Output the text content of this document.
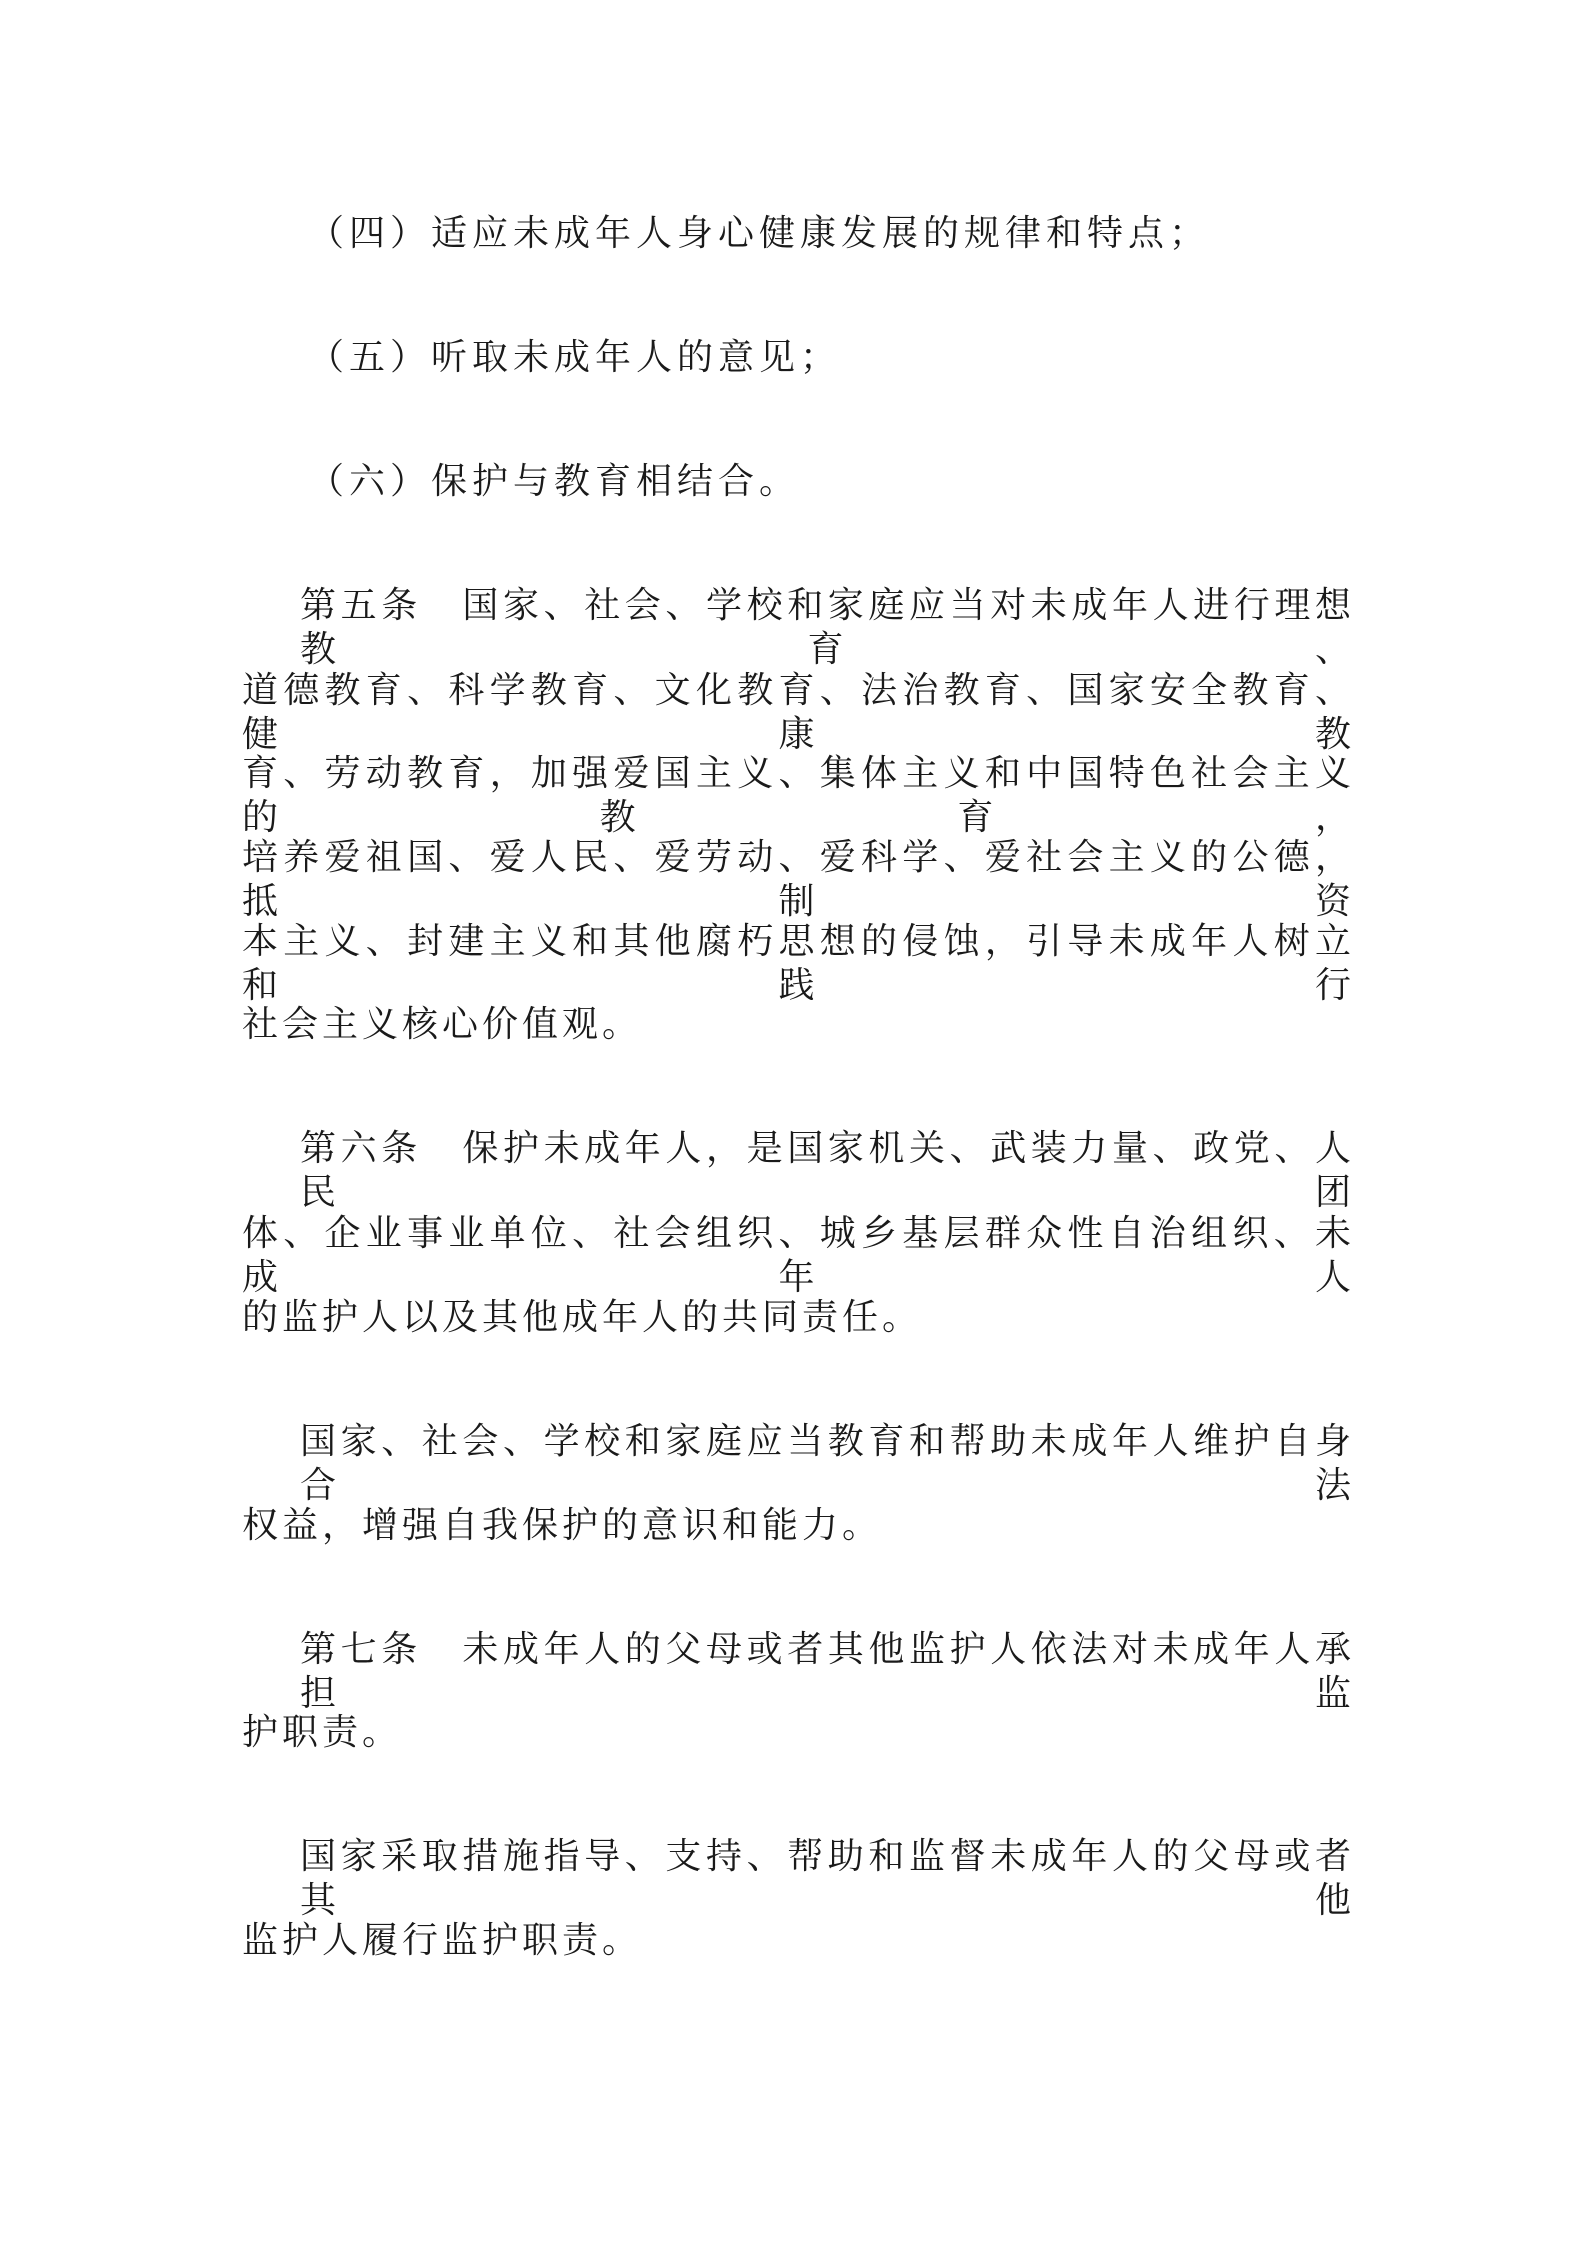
（四）适应未成年人身心健康发展的规律和特点；
（五）听取未成年人的意见；
（六）保护与教育相结合。
第五条　国家、社会、学校和家庭应当对未成年人进行理想教育、
道德教育、科学教育、文化教育、法治教育、国家安全教育、健康教
育、劳动教育，加强爱国主义、集体主义和中国特色社会主义的教育，
培养爱祖国、爱人民、爱劳动、爱科学、爱社会主义的公德，抵制资
本主义、封建主义和其他腐朽思想的侵蚀，引导未成年人树立和践行
社会主义核心价值观。
第六条　保护未成年人，是国家机关、武装力量、政党、人民团
体、企业事业单位、社会组织、城乡基层群众性自治组织、未成年人
的监护人以及其他成年人的共同责任。
国家、社会、学校和家庭应当教育和帮助未成年人维护自身合法
权益，增强自我保护的意识和能力。
第七条　未成年人的父母或者其他监护人依法对未成年人承担监
护职责。
国家采取措施指导、支持、帮助和监督未成年人的父母或者其他
监护人履行监护职责。
